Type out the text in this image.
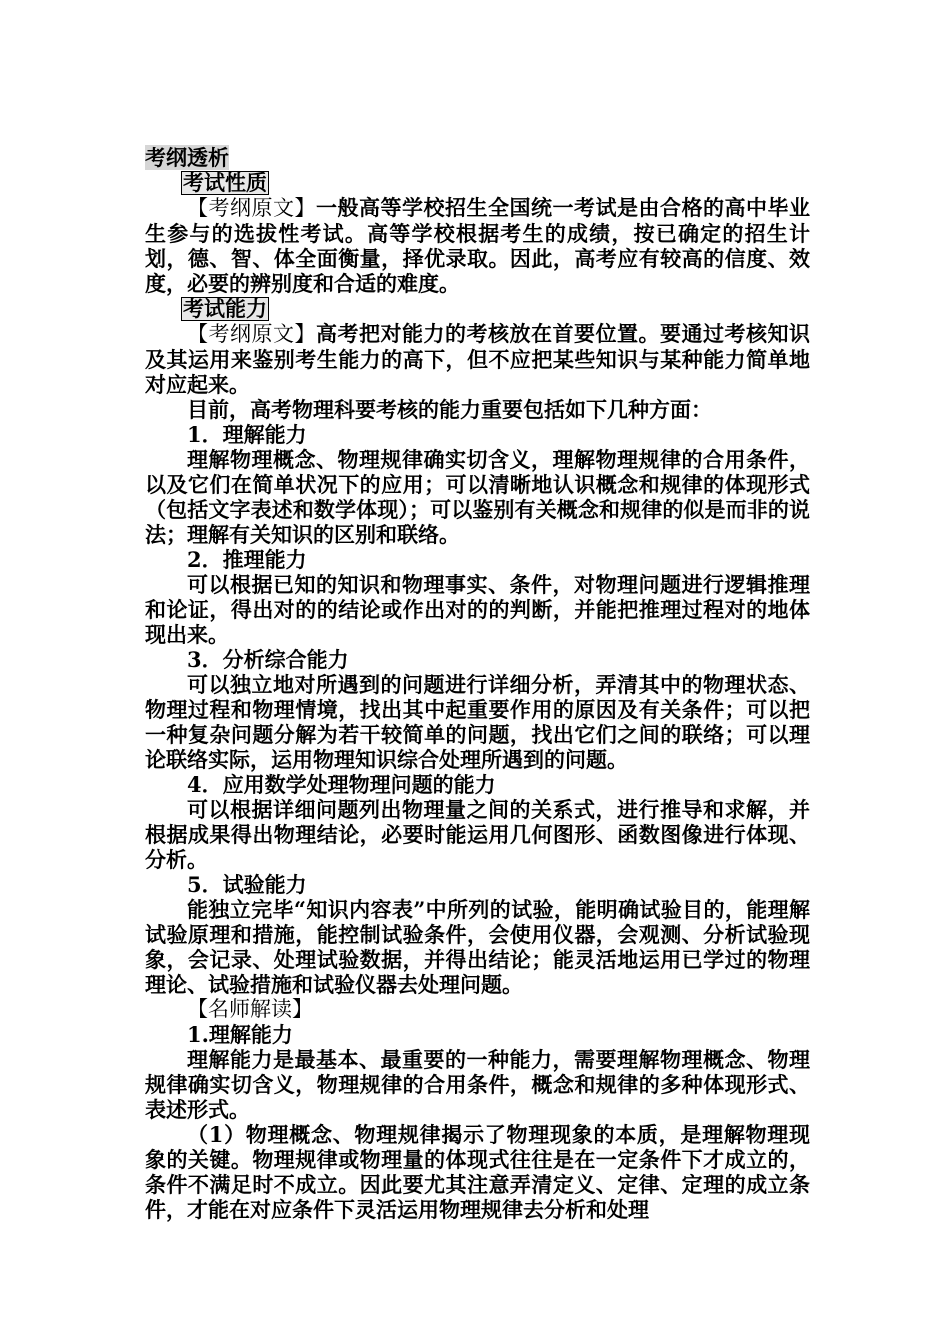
考纲透析

考试性质

【考纲原文】一般高等学校招生全国统一考试是由合格的高中毕业生参与的选拔性考试。高等学校根据考生的成绩，按已确定的招生计划，德、智、体全面衡量，择优录取。因此，高考应有较高的信度、效度，必要的辨别度和合适的难度。

考试能力

【考纲原文】高考把对能力的考核放在首要位置。要通过考核知识及其运用来鉴别考生能力的高下，但不应把某些知识与某种能力简单地对应起来。

目前，高考物理科要考核的能力重要包括如下几种方面：

1．理解能力

理解物理概念、物理规律确实切含义，理解物理规律的合用条件，以及它们在简单状况下的应用；可以清晰地认识概念和规律的体现形式（包括文字表述和数学体现）；可以鉴别有关概念和规律的似是而非的说法；理解有关知识的区别和联络。

2．推理能力

可以根据已知的知识和物理事实、条件，对物理问题进行逻辑推理和论证，得出对的的结论或作出对的的判断，并能把推理过程对的地体现出来。

3．分析综合能力

可以独立地对所遇到的问题进行详细分析，弄清其中的物理状态、物理过程和物理情境，找出其中起重要作用的原因及有关条件；可以把一种复杂问题分解为若干较简单的问题，找出它们之间的联络；可以理论联络实际，运用物理知识综合处理所遇到的问题。

4．应用数学处理物理问题的能力

可以根据详细问题列出物理量之间的关系式，进行推导和求解，并根据成果得出物理结论，必要时能运用几何图形、函数图像进行体现、分析。

5．试验能力

能独立完毕“知识内容表”中所列的试验，能明确试验目的，能理解试验原理和措施，能控制试验条件，会使用仪器，会观测、分析试验现象，会记录、处理试验数据，并得出结论；能灵活地运用已学过的物理理论、试验措施和试验仪器去处理问题。

【名师解读】

1.理解能力

理解能力是最基本、最重要的一种能力，需要理解物理概念、物理规律确实切含义，物理规律的合用条件，概念和规律的多种体现形式、表述形式。

（1）物理概念、物理规律揭示了物理现象的本质，是理解物理现象的关键。物理规律或物理量的体现式往往是在一定条件下才成立的，条件不满足时不成立。因此要尤其注意弄清定义、定律、定理的成立条件，才能在对应条件下灵活运用物理规律去分析和处理
